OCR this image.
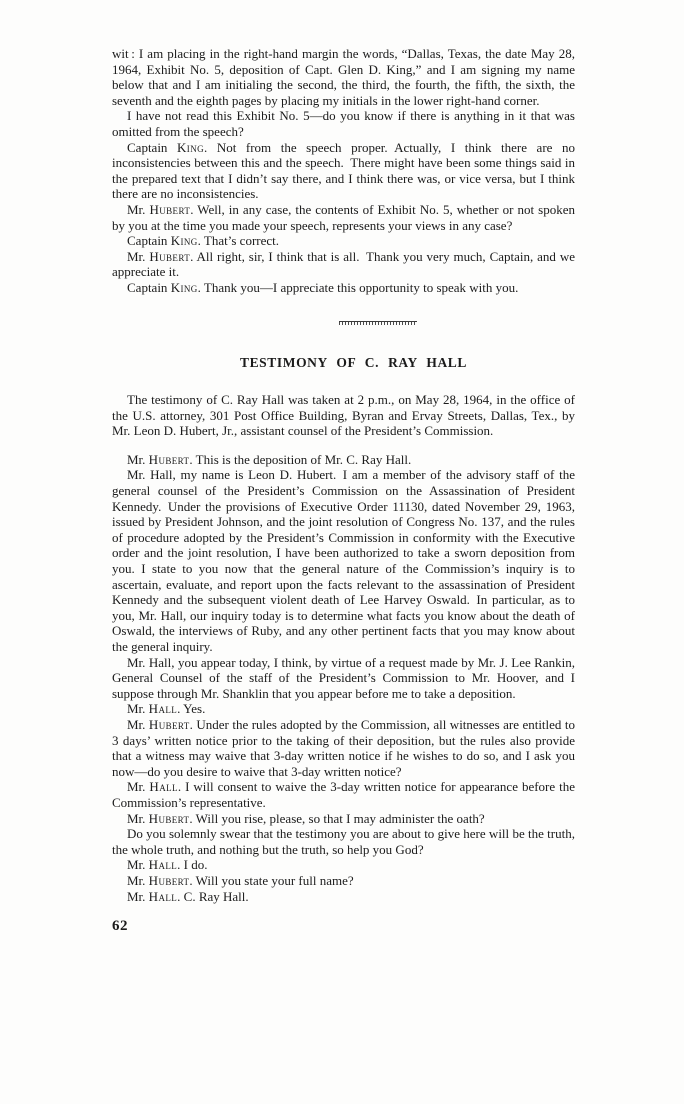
wit : I am placing in the right-hand margin the words, “Dallas, Texas, the date May 28, 1964, Exhibit No. 5, deposition of Capt. Glen D. King,” and I am signing my name below that and I am initialing the second, the third, the fourth, the fifth, the sixth, the seventh and the eighth pages by placing my initials in the lower right-hand corner.

I have not read this Exhibit No. 5—do you know if there is anything in it that was omitted from the speech?

Captain King. Not from the speech proper. Actually, I think there are no inconsistencies between this and the speech. There might have been some things said in the prepared text that I didn’t say there, and I think there was, or vice versa, but I think there are no inconsistencies.

Mr. Hubert. Well, in any case, the contents of Exhibit No. 5, whether or not spoken by you at the time you made your speech, represents your views in any case?

Captain King. That’s correct.

Mr. Hubert. All right, sir, I think that is all. Thank you very much, Captain, and we appreciate it.

Captain King. Thank you—I appreciate this opportunity to speak with you.

TESTIMONY OF C. RAY HALL

The testimony of C. Ray Hall was taken at 2 p.m., on May 28, 1964, in the office of the U.S. attorney, 301 Post Office Building, Byran and Ervay Streets, Dallas, Tex., by Mr. Leon D. Hubert, Jr., assistant counsel of the President’s Commission.

Mr. Hubert. This is the deposition of Mr. C. Ray Hall.

Mr. Hall, my name is Leon D. Hubert. I am a member of the advisory staff of the general counsel of the President’s Commission on the Assassination of President Kennedy. Under the provisions of Executive Order 11130, dated November 29, 1963, issued by President Johnson, and the joint resolution of Congress No. 137, and the rules of procedure adopted by the President’s Commission in conformity with the Executive order and the joint resolution, I have been authorized to take a sworn deposition from you. I state to you now that the general nature of the Commission’s inquiry is to ascertain, evaluate, and report upon the facts relevant to the assassination of President Kennedy and the subsequent violent death of Lee Harvey Oswald. In particular, as to you, Mr. Hall, our inquiry today is to determine what facts you know about the death of Oswald, the interviews of Ruby, and any other pertinent facts that you may know about the general inquiry.

Mr. Hall, you appear today, I think, by virtue of a request made by Mr. J. Lee Rankin, General Counsel of the staff of the President’s Commission to Mr. Hoover, and I suppose through Mr. Shanklin that you appear before me to take a deposition.

Mr. Hall. Yes.

Mr. Hubert. Under the rules adopted by the Commission, all witnesses are entitled to 3 days’ written notice prior to the taking of their deposition, but the rules also provide that a witness may waive that 3-day written notice if he wishes to do so, and I ask you now—do you desire to waive that 3-day written notice?

Mr. Hall. I will consent to waive the 3-day written notice for appearance before the Commission’s representative.

Mr. Hubert. Will you rise, please, so that I may administer the oath?

Do you solemnly swear that the testimony you are about to give here will be the truth, the whole truth, and nothing but the truth, so help you God?

Mr. Hall. I do.

Mr. Hubert. Will you state your full name?

Mr. Hall. C. Ray Hall.

62
